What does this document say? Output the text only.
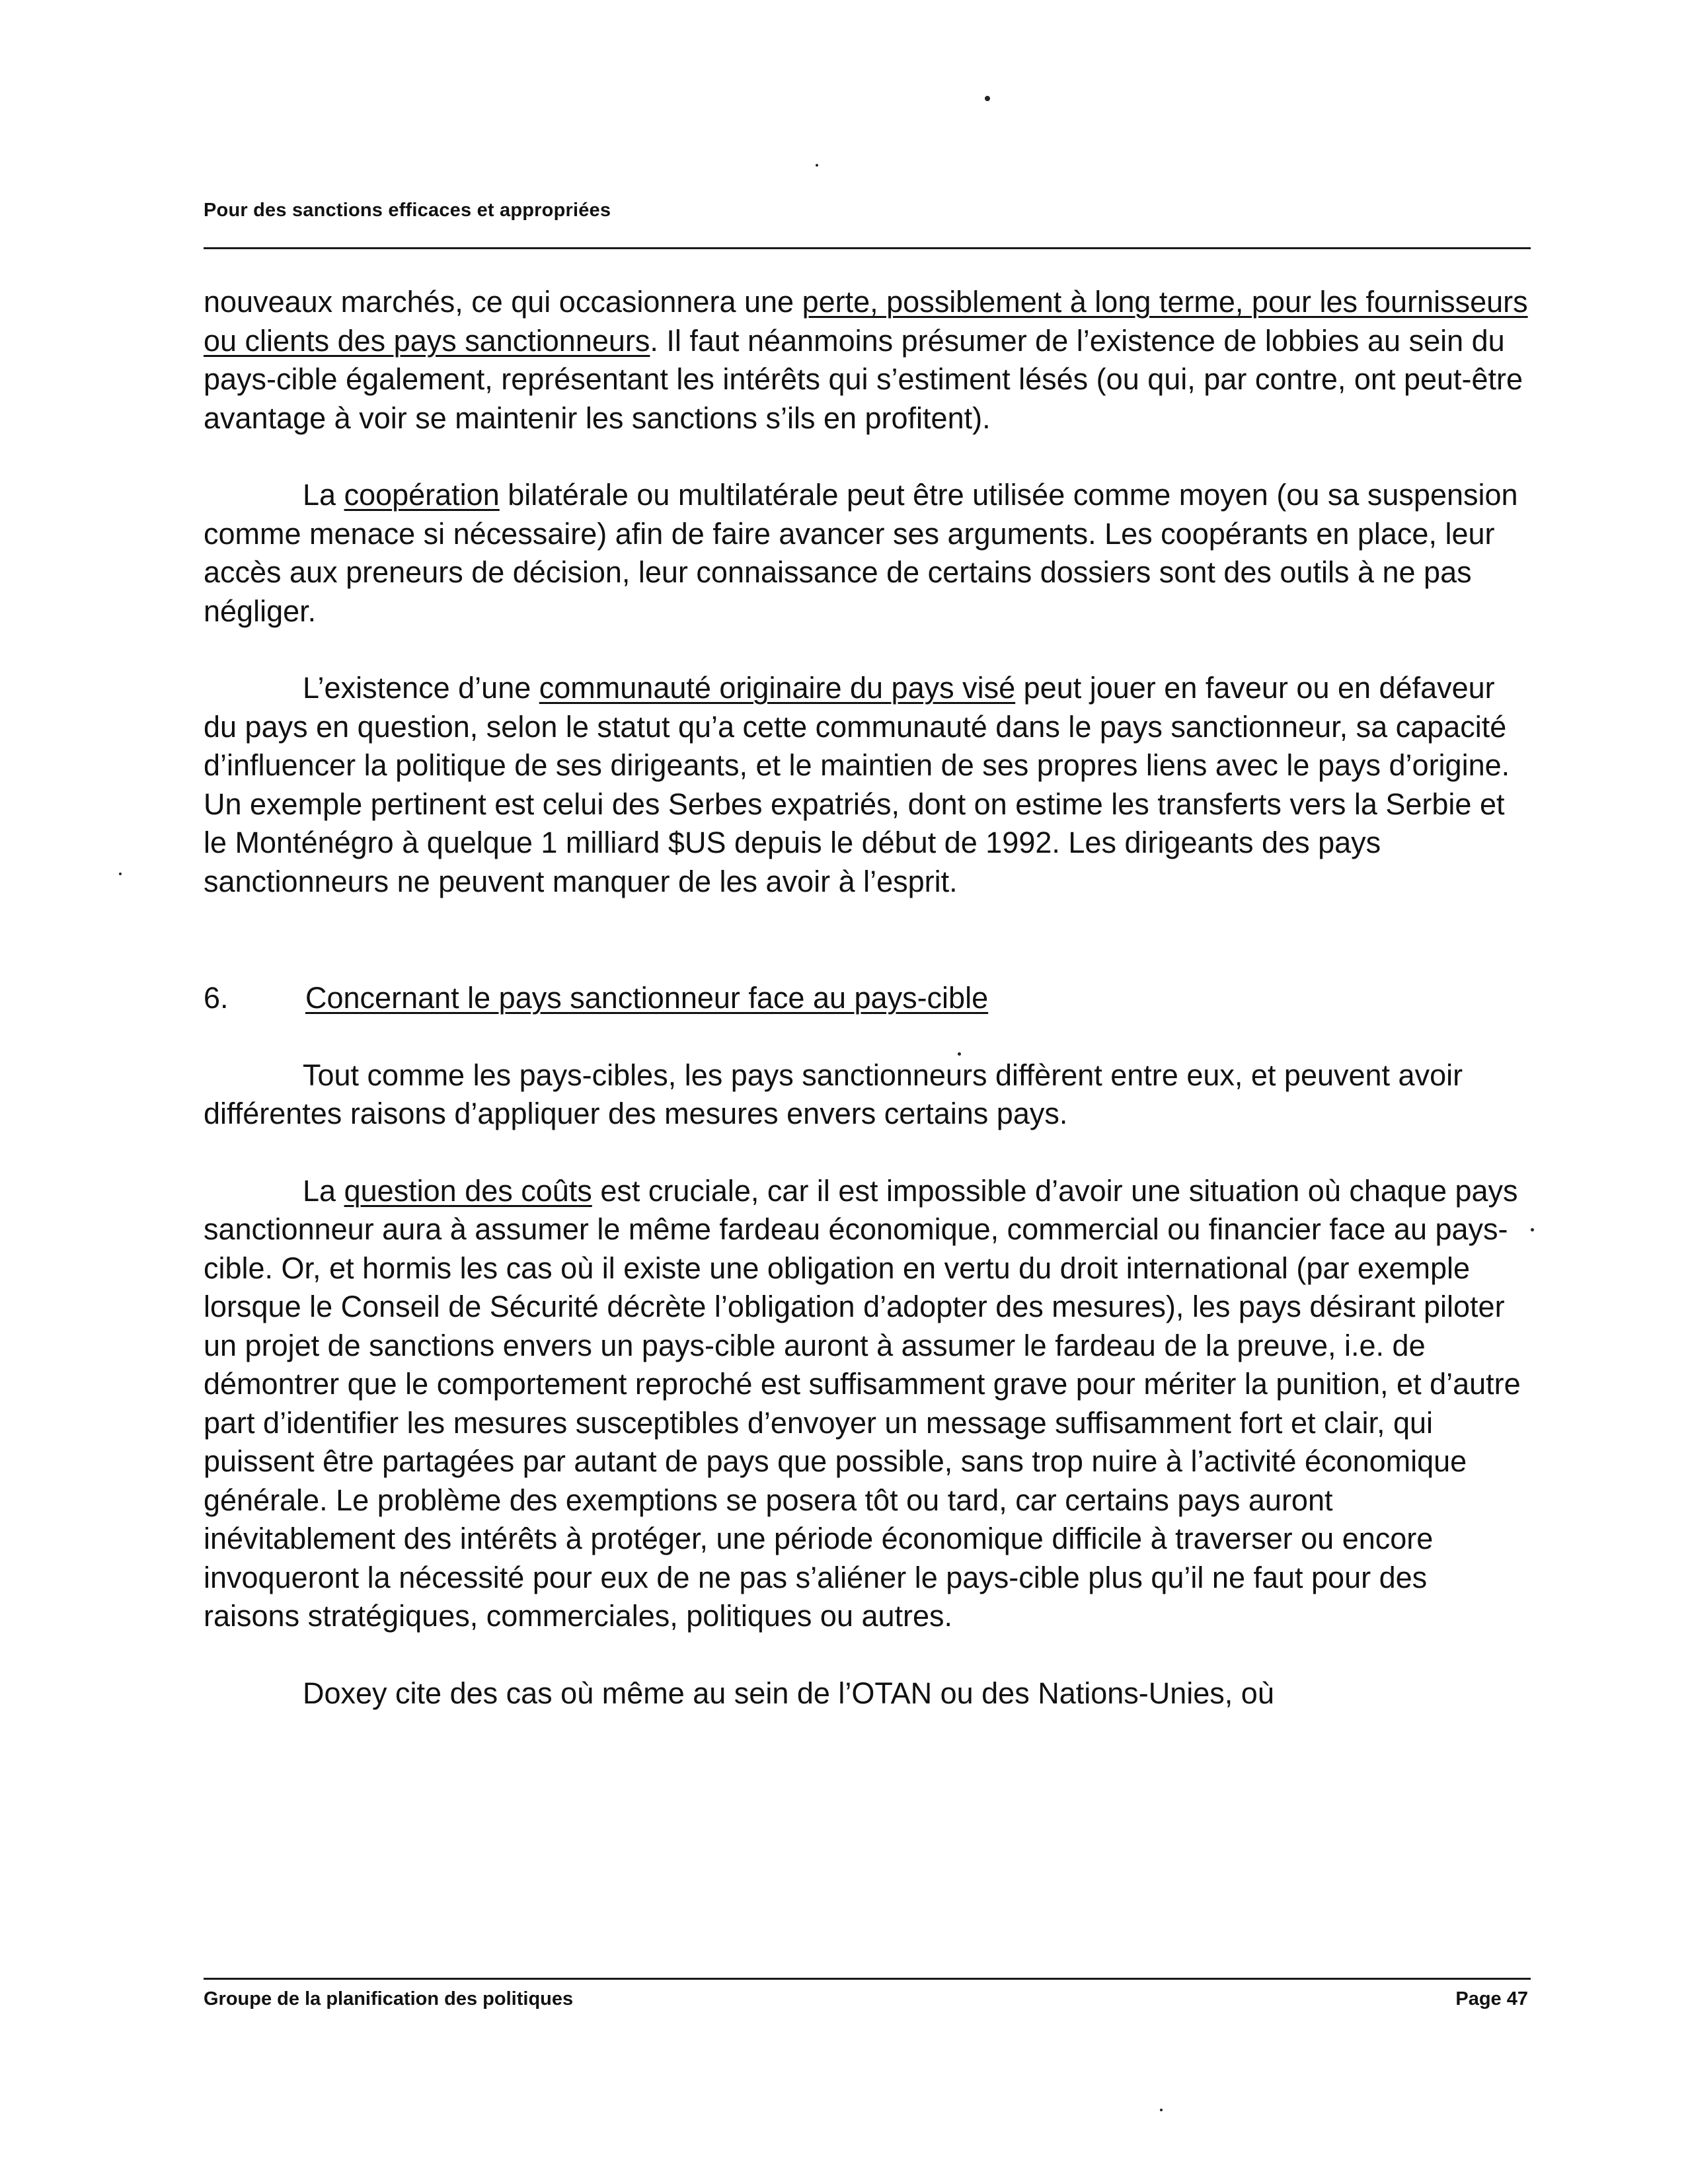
Pour des sanctions efficaces et appropriées

nouveaux marchés, ce qui occasionnera une perte, possiblement à long terme, pour les fournisseurs ou clients des pays sanctionneurs. Il faut néanmoins présumer de l’existence de lobbies au sein du pays-cible également, représentant les intérêts qui s’estiment lésés (ou qui, par contre, ont peut-être avantage à voir se maintenir les sanctions s’ils en profitent).

La coopération bilatérale ou multilatérale peut être utilisée comme moyen (ou sa suspension comme menace si nécessaire) afin de faire avancer ses arguments. Les coopérants en place, leur accès aux preneurs de décision, leur connaissance de certains dossiers sont des outils à ne pas négliger.

L’existence d’une communauté originaire du pays visé peut jouer en faveur ou en défaveur du pays en question, selon le statut qu’a cette communauté dans le pays sanctionneur, sa capacité d’influencer la politique de ses dirigeants, et le maintien de ses propres liens avec le pays d’origine. Un exemple pertinent est celui des Serbes expatriés, dont on estime les transferts vers la Serbie et le Monténégro à quelque 1 milliard $US depuis le début de 1992. Les dirigeants des pays sanctionneurs ne peuvent manquer de les avoir à l’esprit.

6.	Concernant le pays sanctionneur face au pays-cible

Tout comme les pays-cibles, les pays sanctionneurs diffèrent entre eux, et peuvent avoir différentes raisons d’appliquer des mesures envers certains pays.

La question des coûts est cruciale, car il est impossible d’avoir une situation où chaque pays sanctionneur aura à assumer le même fardeau économique, commercial ou financier face au pays-cible. Or, et hormis les cas où il existe une obligation en vertu du droit international (par exemple lorsque le Conseil de Sécurité décrète l’obligation d’adopter des mesures), les pays désirant piloter un projet de sanctions envers un pays-cible auront à assumer le fardeau de la preuve, i.e. de démontrer que le comportement reproché est suffisamment grave pour mériter la punition, et d’autre part d’identifier les mesures susceptibles d’envoyer un message suffisamment fort et clair, qui puissent être partagées par autant de pays que possible, sans trop nuire à l’activité économique générale. Le problème des exemptions se posera tôt ou tard, car certains pays auront inévitablement des intérêts à protéger, une période économique difficile à traverser ou encore invoqueront la nécessité pour eux de ne pas s’aliéner le pays-cible plus qu’il ne faut pour des raisons stratégiques, commerciales, politiques ou autres.

Doxey cite des cas où même au sein de l’OTAN ou des Nations-Unies, où

Groupe de la planification des politiques	Page 47
